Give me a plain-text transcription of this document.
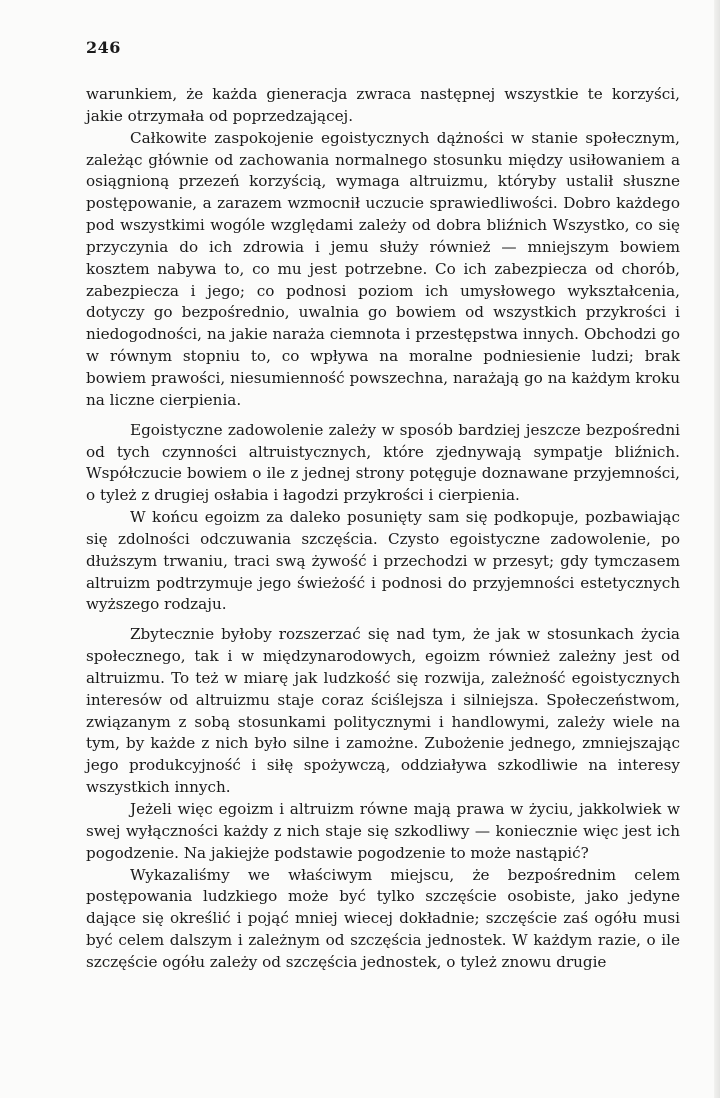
246

warunkiem, że każda gieneracja zwraca następnej wszystkie te korzyści, jakie otrzymała od poprzedzającej.

Całkowite zaspokojenie egoistycznych dążności w stanie społecznym, zależąc głównie od zachowania normalnego stosunku między usiłowaniem a osiągnioną przezeń korzyścią, wymaga altruizmu, któryby ustalił słuszne postępowanie, a zarazem wzmocnił uczucie sprawiedliwości. Dobro każdego pod wszystkimi wogóle względami zależy od dobra bliźnich Wszystko, co się przyczynia do ich zdrowia i jemu służy również — mniejszym bowiem kosztem nabywa to, co mu jest potrzebne. Co ich zabezpiecza od chorób, zabezpiecza i jego; co podnosi poziom ich umysłowego wykształcenia, dotyczy go bezpośrednio, uwalnia go bowiem od wszystkich przykrości i niedogodności, na jakie naraża ciemnota i przestępstwa innych. Obchodzi go w równym stopniu to, co wpływa na moralne podniesienie ludzi; brak bowiem prawości, niesumienność powszechna, narażają go na każdym kroku na liczne cierpienia.

Egoistyczne zadowolenie zależy w sposób bardziej jeszcze bezpośredni od tych czynności altruistycznych, które zjednywają sympatje bliźnich. Współczucie bowiem o ile z jednej strony potęguje doznawane przyjemności, o tyleż z drugiej osłabia i łagodzi przykrości i cierpienia.

W końcu egoizm za daleko posunięty sam się podkopuje, pozbawiając się zdolności odczuwania szczęścia. Czysto egoistyczne zadowolenie, po dłuższym trwaniu, traci swą żywość i przechodzi w przesyt; gdy tymczasem altruizm podtrzymuje jego świeżość i podnosi do przyjemności estetycznych wyższego rodzaju.

Zbytecznie byłoby rozszerzać się nad tym, że jak w stosunkach życia społecznego, tak i w międzynarodowych, egoizm również zależny jest od altruizmu. To też w miarę jak ludzkość się rozwija, zależność egoistycznych interesów od altruizmu staje coraz ściślejsza i silniejsza. Społeczeństwom, związanym z sobą stosunkami politycznymi i handlowymi, zależy wiele na tym, by każde z nich było silne i zamożne. Zubożenie jednego, zmniejszając jego produkcyjność i siłę spożywczą, oddziaływa szkodliwie na interesy wszystkich innych.

Jeżeli więc egoizm i altruizm równe mają prawa w życiu, jakkolwiek w swej wyłączności każdy z nich staje się szkodliwy — koniecznie więc jest ich pogodzenie. Na jakiejże podstawie pogodzenie to może nastąpić?

Wykazaliśmy we właściwym miejscu, że bezpośrednim celem postępowania ludzkiego może być tylko szczęście osobiste, jako jedyne dające się określić i pojąć mniej wiecej dokładnie; szczęście zaś ogółu musi być celem dalszym i zależnym od szczęścia jednostek. W każdym razie, o ile szczęście ogółu zależy od szczęścia jednostek, o tyleż znowu drugie
